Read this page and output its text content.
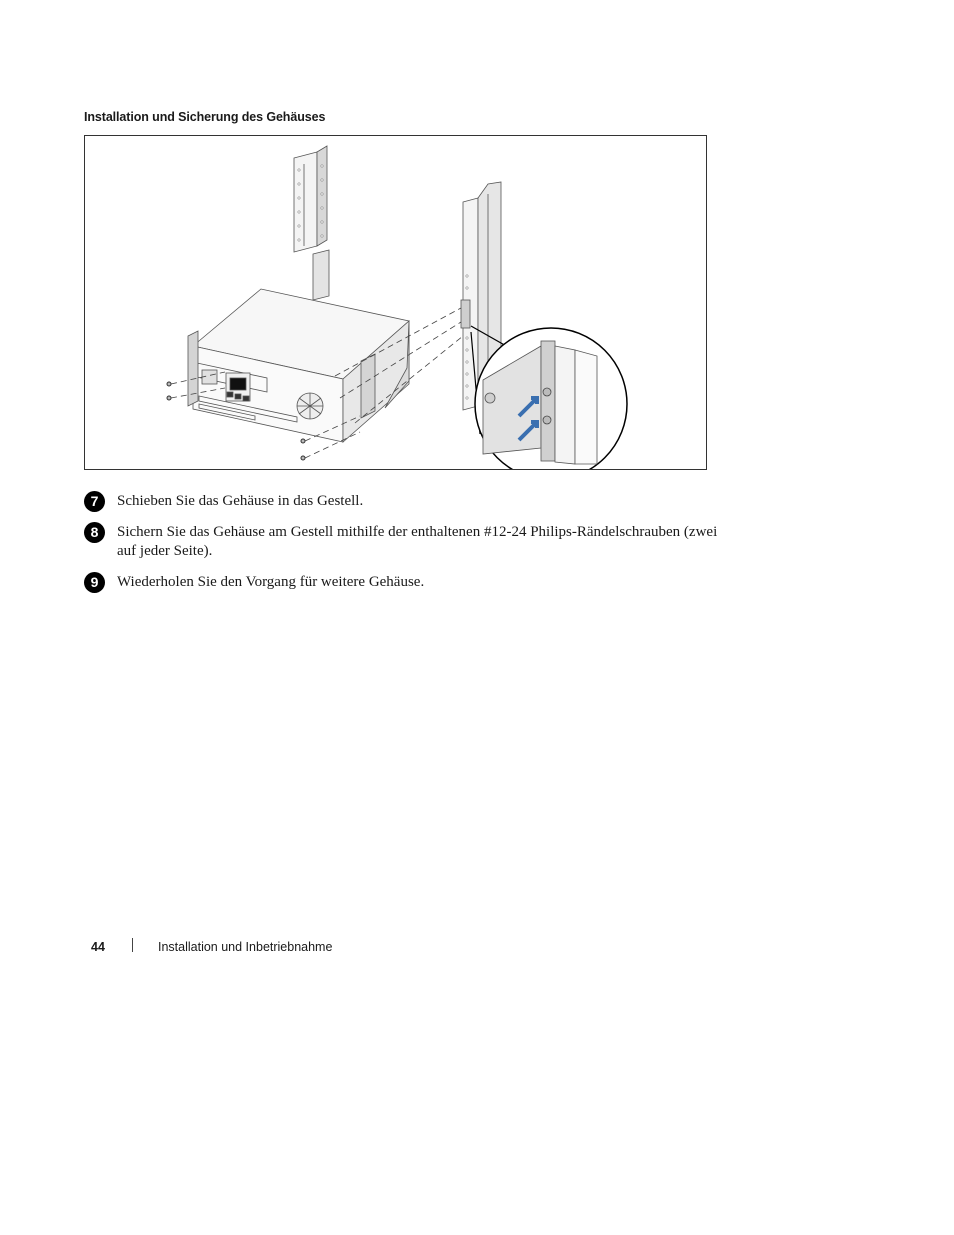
Installation und Sicherung des Gehäuses
7	Schieben Sie das Gehäuse in das Gestell.
8	Sichern Sie das Gehäuse am Gestell mithilfe der enthaltenen #12-24 Philips-Rändelschrauben (zwei auf jeder Seite).
9	Wiederholen Sie den Vorgang für weitere Gehäuse.
44	Installation und Inbetriebnahme
